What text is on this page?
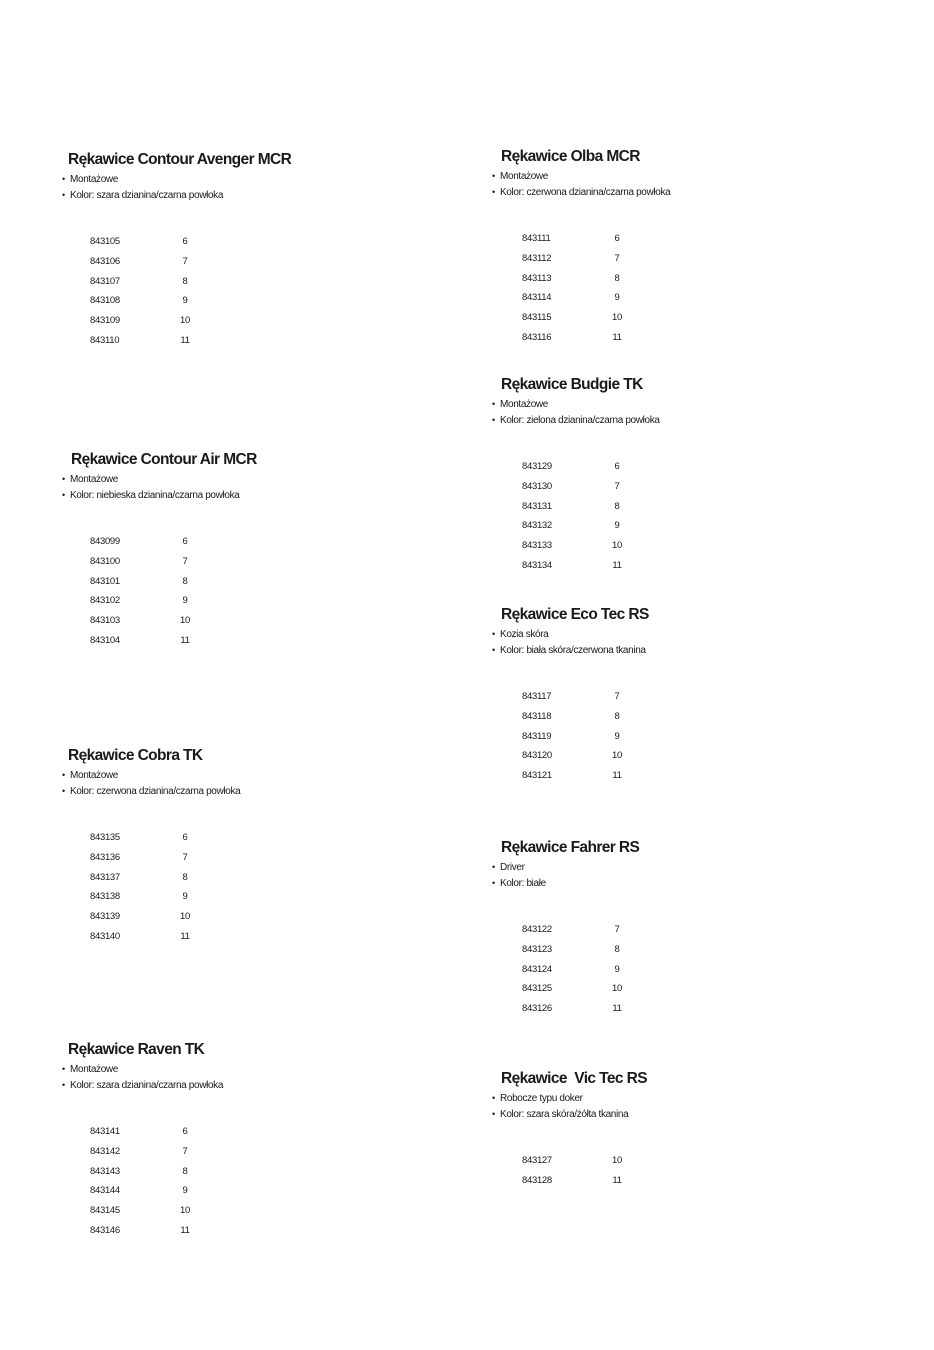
Rękawice Contour Avenger MCR
• Montażowe
• Kolor: szara dzianina/czarna powłoka
843105	6
843106	7
843107	8
843108	9
843109	10
843110	11
Rękawice Contour Air MCR
• Montażowe
• Kolor: niebieska dzianina/czarna powłoka
843099	6
843100	7
843101	8
843102	9
843103	10
843104	11
Rękawice Cobra TK
• Montażowe
• Kolor: czerwona dzianina/czarna powłoka
843135	6
843136	7
843137	8
843138	9
843139	10
843140	11
Rękawice Raven TK
• Montażowe
• Kolor: szara dzianina/czarna powłoka
843141	6
843142	7
843143	8
843144	9
843145	10
843146	11
Rękawice Olba MCR
• Montażowe
• Kolor: czerwona dzianina/czarna powłoka
843111	6
843112	7
843113	8
843114	9
843115	10
843116	11
Rękawice Budgie TK
• Montażowe
• Kolor: zielona dzianina/czarna powłoka
843129	6
843130	7
843131	8
843132	9
843133	10
843134	11
Rękawice Eco Tec RS
• Kozia skóra
• Kolor: biała skóra/czerwona tkanina
843117	7
843118	8
843119	9
843120	10
843121	11
Rękawice Fahrer RS
• Driver
• Kolor: białe
843122	7
843123	8
843124	9
843125	10
843126	11
Rękawice  Vic Tec RS
• Robocze typu doker
• Kolor: szara skóra/żółta tkanina
843127	10
843128	11
